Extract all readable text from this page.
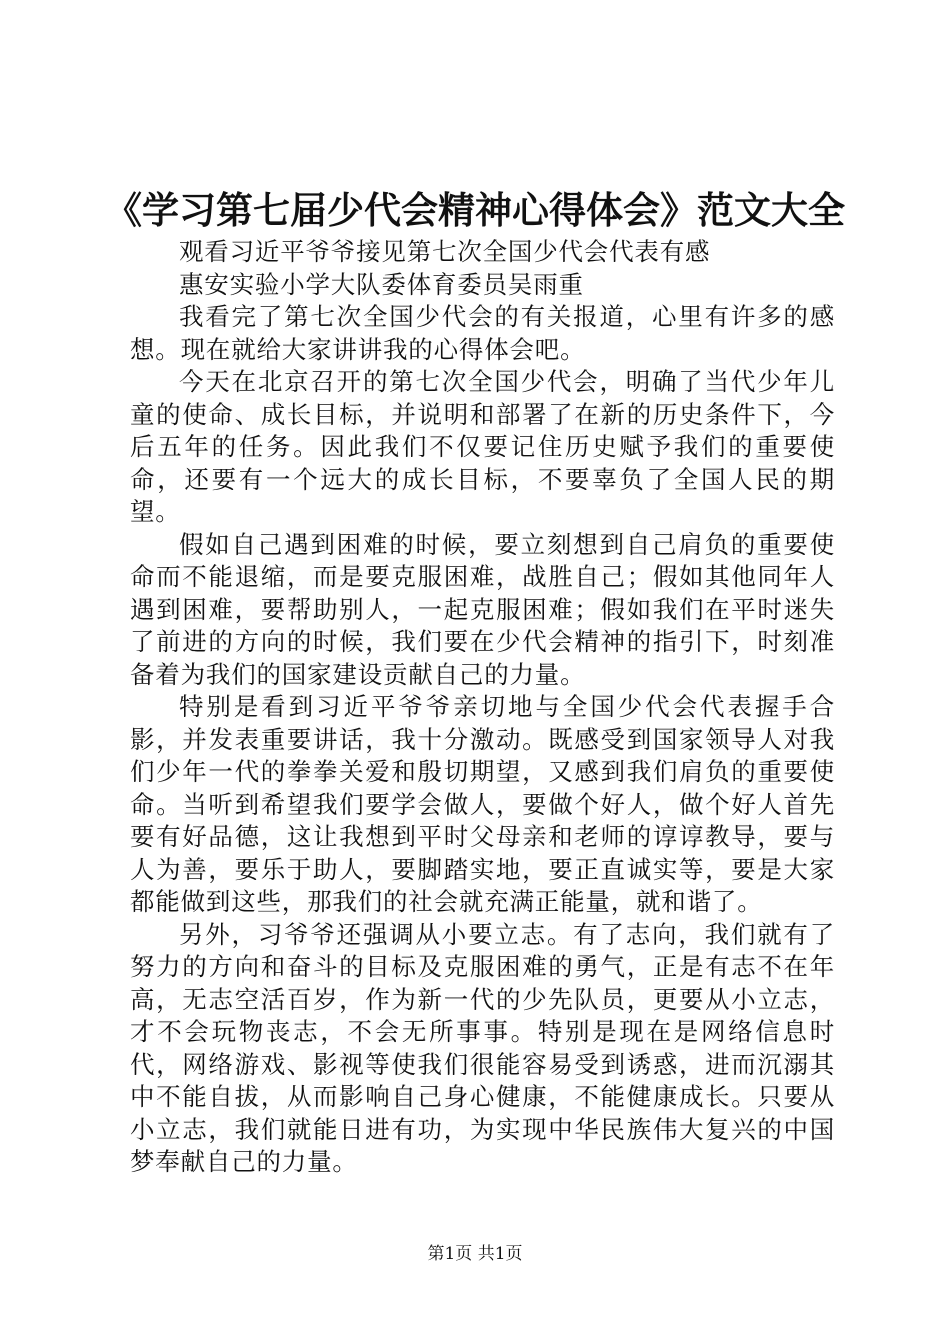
《学习第七届少代会精神心得体会》范文大全

观看习近平爷爷接见第七次全国少代会代表有感

惠安实验小学大队委体育委员吴雨重

我看完了第七次全国少代会的有关报道，心里有许多的感想。现在就给大家讲讲我的心得体会吧。

今天在北京召开的第七次全国少代会，明确了当代少年儿童的使命、成长目标，并说明和部署了在新的历史条件下，今后五年的任务。因此我们不仅要记住历史赋予我们的重要使命，还要有一个远大的成长目标，不要辜负了全国人民的期望。

假如自己遇到困难的时候，要立刻想到自己肩负的重要使命而不能退缩，而是要克服困难，战胜自己；假如其他同年人遇到困难，要帮助别人，一起克服困难；假如我们在平时迷失了前进的方向的时候，我们要在少代会精神的指引下，时刻准备着为我们的国家建设贡献自己的力量。

特别是看到习近平爷爷亲切地与全国少代会代表握手合影，并发表重要讲话，我十分激动。既感受到国家领导人对我们少年一代的拳拳关爱和殷切期望，又感到我们肩负的重要使命。当听到希望我们要学会做人，要做个好人，做个好人首先要有好品德，这让我想到平时父母亲和老师的谆谆教导，要与人为善，要乐于助人，要脚踏实地，要正直诚实等，要是大家都能做到这些，那我们的社会就充满正能量，就和谐了。

另外，习爷爷还强调从小要立志。有了志向，我们就有了努力的方向和奋斗的目标及克服困难的勇气，正是有志不在年高，无志空活百岁，作为新一代的少先队员，更要从小立志，才不会玩物丧志，不会无所事事。特别是现在是网络信息时代，网络游戏、影视等使我们很能容易受到诱惑，进而沉溺其中不能自拔，从而影响自己身心健康，不能健康成长。只要从小立志，我们就能日进有功，为实现中华民族伟大复兴的中国梦奉献自己的力量。

第1页 共1页
